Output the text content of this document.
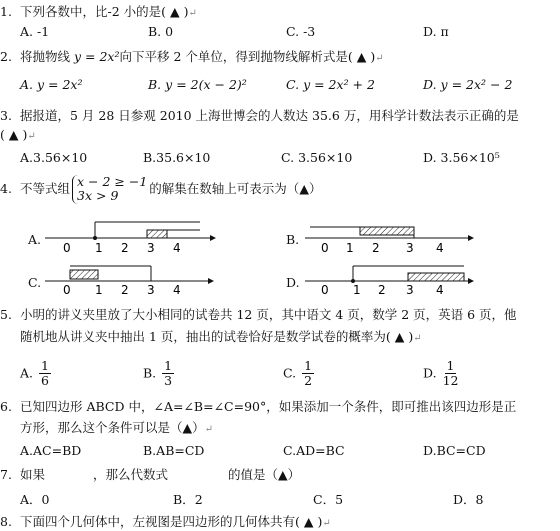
1. 下列各数中，比-2 小的是( ▲ )↵
A. -1	B. 0	C. -3	D. π
2. 将抛物线 y = 2x²向下平移 2 个单位，得到抛物线解析式是( ▲ )↵
A. y = 2x²	B. y = 2(x − 2)²	C. y = 2x² + 2	D. y = 2x² − 2
3. 据报道，5 月 28 日参观 2010 上海世博会的人数达 35.6 万，用科学计数法表示正确的是
( ▲ )↵
A.3.56×10	B.35.6×10	C. 3.56×10	D. 3.56×10⁵
4. 不等式组 x − 2 ≥ −1
3x > 9	的解集在数轴上可表示为（▲）
A.	B.
C.	D.
0 1 2 3 4	0 1 2 3 4
0 1 2 3 4	0 1 2 3 4
5. 小明的讲义夹里放了大小相同的试卷共 12 页，其中语文 4 页，数学 2 页，英语 6 页，他
随机地从讲义夹中抽出 1 页，抽出的试卷恰好是数学试卷的概率为( ▲ )↵
A. $\frac{1}{6}$	B. $\frac{1}{3}$	C. $\frac{1}{2}$	D. $\frac{1}{12}$
6. 已知四边形 ABCD 中，∠A=∠B=∠C=90°，如果添加一个条件，即可推出该四边形是正
方形，那么这个条件可以是（▲）↵
A.AC=BD	B.AB=CD	C.AD=BC	D.BC=CD
7. 如果	，那么代数式	的值是（▲）
A．0	B．2	C．5	D．8
8. 下面四个几何体中，左视图是四边形的几何体共有( ▲ )↵
